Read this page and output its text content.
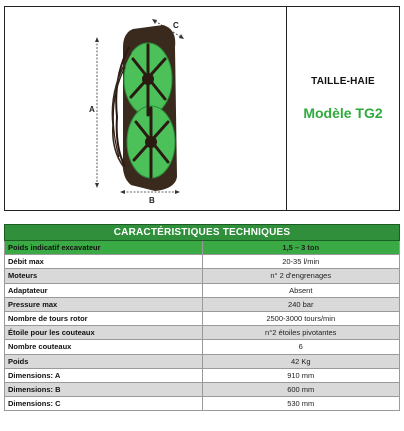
A
B
C
TAILLE-HAIE
Modèle TG2
CARACTÉRISTIQUES TECHNIQUES	
Poids indicatif excavateur	1,5 – 3 ton
Débit max	20-35 l/min
Moteurs	n° 2 d'engrenages
Adaptateur	Absent
Pressure max	240 bar
Nombre de tours rotor	2500-3000 tours/min
Étoile pour les couteaux	n°2 étoiles pivotantes
Nombre couteaux	6
Poids	42 Kg
Dimensions: A	910 mm
Dimensions: B	600 mm
Dimensions: C	530 mm
